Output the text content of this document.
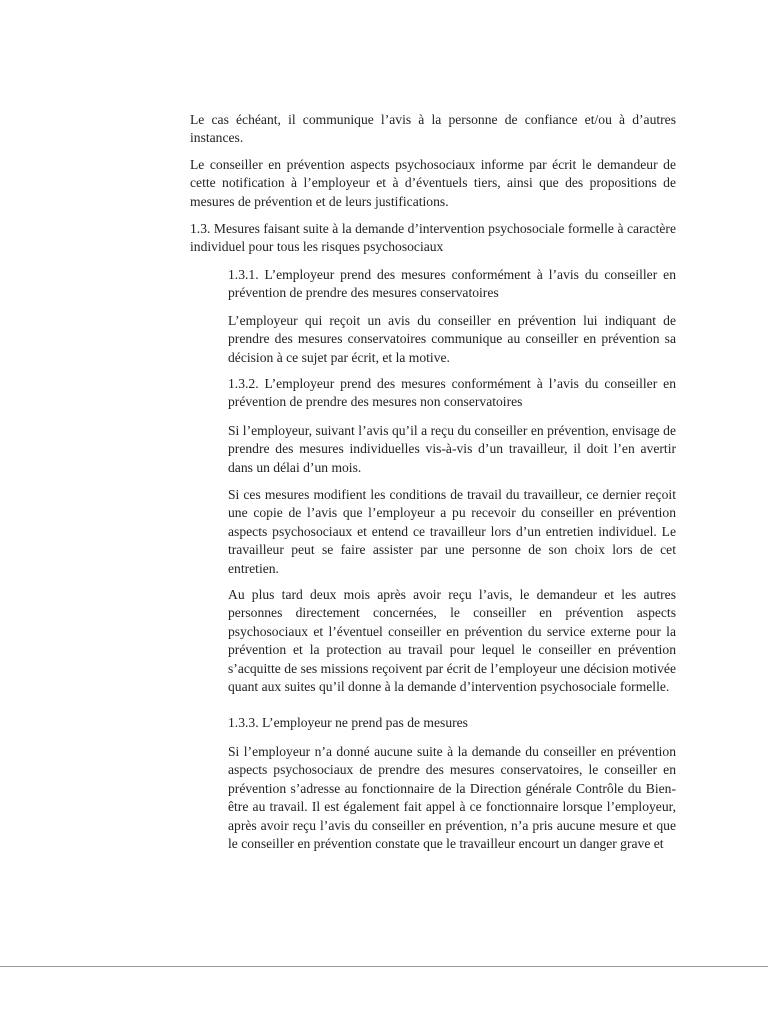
Le cas échéant, il communique l’avis à la personne de confiance et/ou à d’autres instances.

Le conseiller en prévention aspects psychosociaux informe par écrit le demandeur de cette notification à l’employeur et à d’éventuels tiers, ainsi que des propositions de mesures de prévention et de leurs justifications.

1.3. Mesures faisant suite à la demande d’intervention psychosociale formelle à caractère individuel pour tous les risques psychosociaux

1.3.1. L’employeur prend des mesures conformément à l’avis du conseiller en prévention de prendre des mesures conservatoires

L’employeur qui reçoit un avis du conseiller en prévention lui indiquant de prendre des mesures conservatoires communique au conseiller en prévention sa décision à ce sujet par écrit, et la motive.

1.3.2. L’employeur prend des mesures conformément à l’avis du conseiller en prévention de prendre des mesures non conservatoires

Si l’employeur, suivant l’avis qu’il a reçu du conseiller en prévention, envisage de prendre des mesures individuelles vis-à-vis d’un travailleur, il doit l’en avertir dans un délai d’un mois.

Si ces mesures modifient les conditions de travail du travailleur, ce dernier reçoit une copie de l’avis que l’employeur a pu recevoir du conseiller en prévention aspects psychosociaux et entend ce travailleur lors d’un entretien individuel. Le travailleur peut se faire assister par une personne de son choix lors de cet entretien.

Au plus tard deux mois après avoir reçu l’avis, le demandeur et les autres personnes directement concernées, le conseiller en prévention aspects psychosociaux et l’éventuel conseiller en prévention du service externe pour la prévention et la protection au travail pour lequel le conseiller en prévention s’acquitte de ses missions reçoivent par écrit de l’employeur une décision motivée quant aux suites qu’il donne à la demande d’intervention psychosociale formelle.

1.3.3. L’employeur ne prend pas de mesures

Si l’employeur n’a donné aucune suite à la demande du conseiller en prévention aspects psychosociaux de prendre des mesures conservatoires, le conseiller en prévention s’adresse au fonctionnaire de la Direction générale Contrôle du Bien-être au travail. Il est également fait appel à ce fonctionnaire lorsque l’employeur, après avoir reçu l’avis du conseiller en prévention, n’a pris aucune mesure et que le conseiller en prévention constate que le travailleur encourt un danger grave et
